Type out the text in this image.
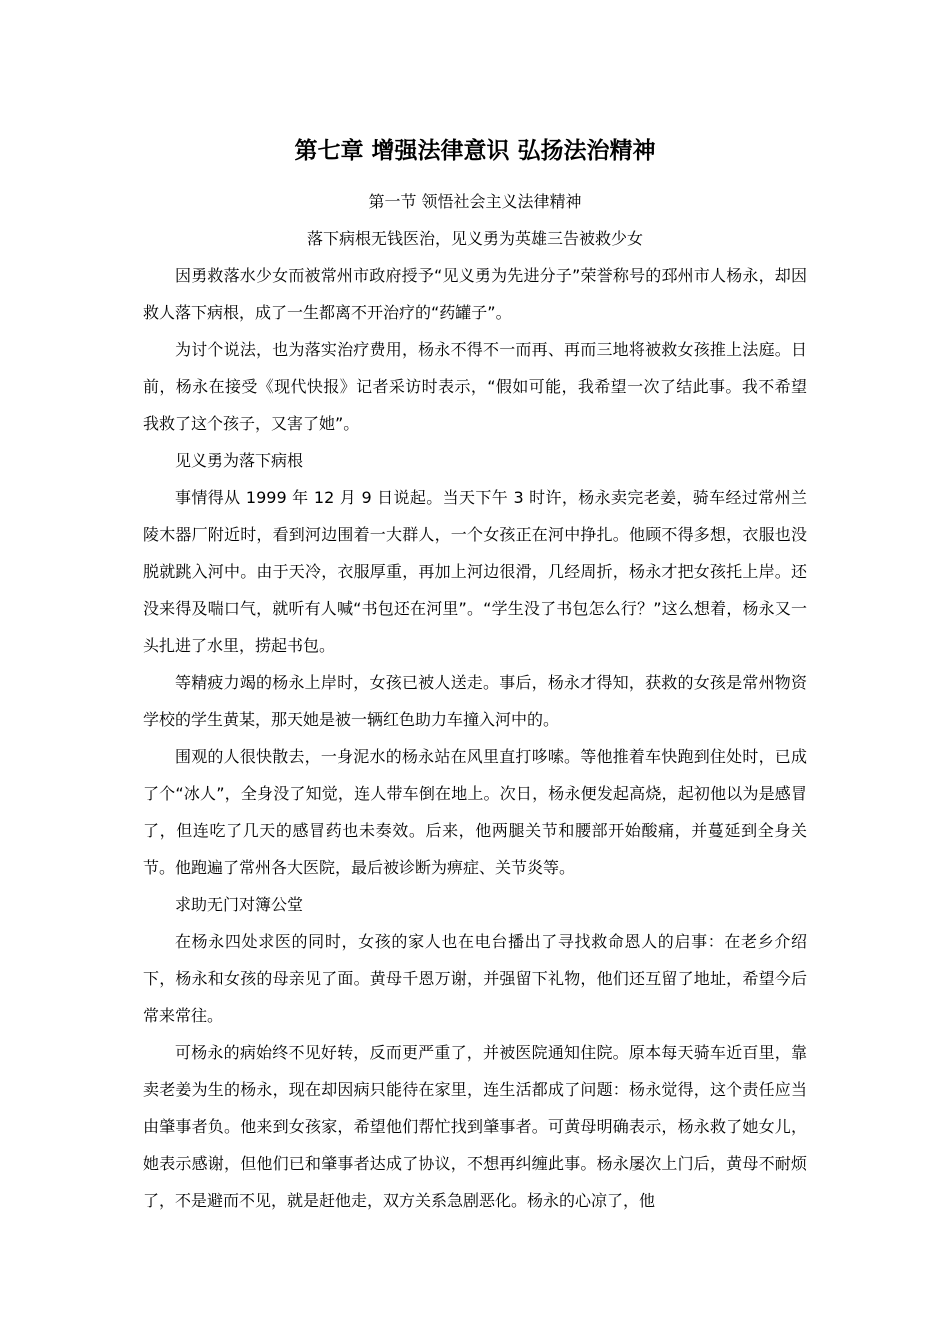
第七章 增强法律意识 弘扬法治精神
第一节 领悟社会主义法律精神
落下病根无钱医治，见义勇为英雄三告被救少女

因勇救落水少女而被常州市政府授予“见义勇为先进分子”荣誉称号的邳州市人杨永，却因救人落下病根，成了一生都离不开治疗的“药罐子”。

为讨个说法，也为落实治疗费用，杨永不得不一而再、再而三地将被救女孩推上法庭。日前，杨永在接受《现代快报》记者采访时表示，“假如可能，我希望一次了结此事。我不希望我救了这个孩子，又害了她”。

见义勇为落下病根

事情得从 1999 年 12 月 9 日说起。当天下午 3 时许，杨永卖完老姜，骑车经过常州兰陵木器厂附近时，看到河边围着一大群人，一个女孩正在河中挣扎。他顾不得多想，衣服也没脱就跳入河中。由于天冷，衣服厚重，再加上河边很滑，几经周折，杨永才把女孩托上岸。还没来得及喘口气，就听有人喊“书包还在河里”。“学生没了书包怎么行？”这么想着，杨永又一头扎进了水里，捞起书包。

等精疲力竭的杨永上岸时，女孩已被人送走。事后，杨永才得知，获救的女孩是常州物资学校的学生黄某，那天她是被一辆红色助力车撞入河中的。

围观的人很快散去，一身泥水的杨永站在风里直打哆嗦。等他推着车快跑到住处时，已成了个“冰人”，全身没了知觉，连人带车倒在地上。次日，杨永便发起高烧，起初他以为是感冒了，但连吃了几天的感冒药也未奏效。后来，他两腿关节和腰部开始酸痛，并蔓延到全身关节。他跑遍了常州各大医院，最后被诊断为痹症、关节炎等。

求助无门对簿公堂

在杨永四处求医的同时，女孩的家人也在电台播出了寻找救命恩人的启事：在老乡介绍下，杨永和女孩的母亲见了面。黄母千恩万谢，并强留下礼物，他们还互留了地址，希望今后常来常往。

可杨永的病始终不见好转，反而更严重了，并被医院通知住院。原本每天骑车近百里，靠卖老姜为生的杨永，现在却因病只能待在家里，连生活都成了问题：杨永觉得，这个责任应当由肇事者负。他来到女孩家，希望他们帮忙找到肇事者。可黄母明确表示，杨永救了她女儿，她表示感谢，但他们已和肇事者达成了协议，不想再纠缠此事。杨永屡次上门后，黄母不耐烦了，不是避而不见，就是赶他走，双方关系急剧恶化。杨永的心凉了，他
